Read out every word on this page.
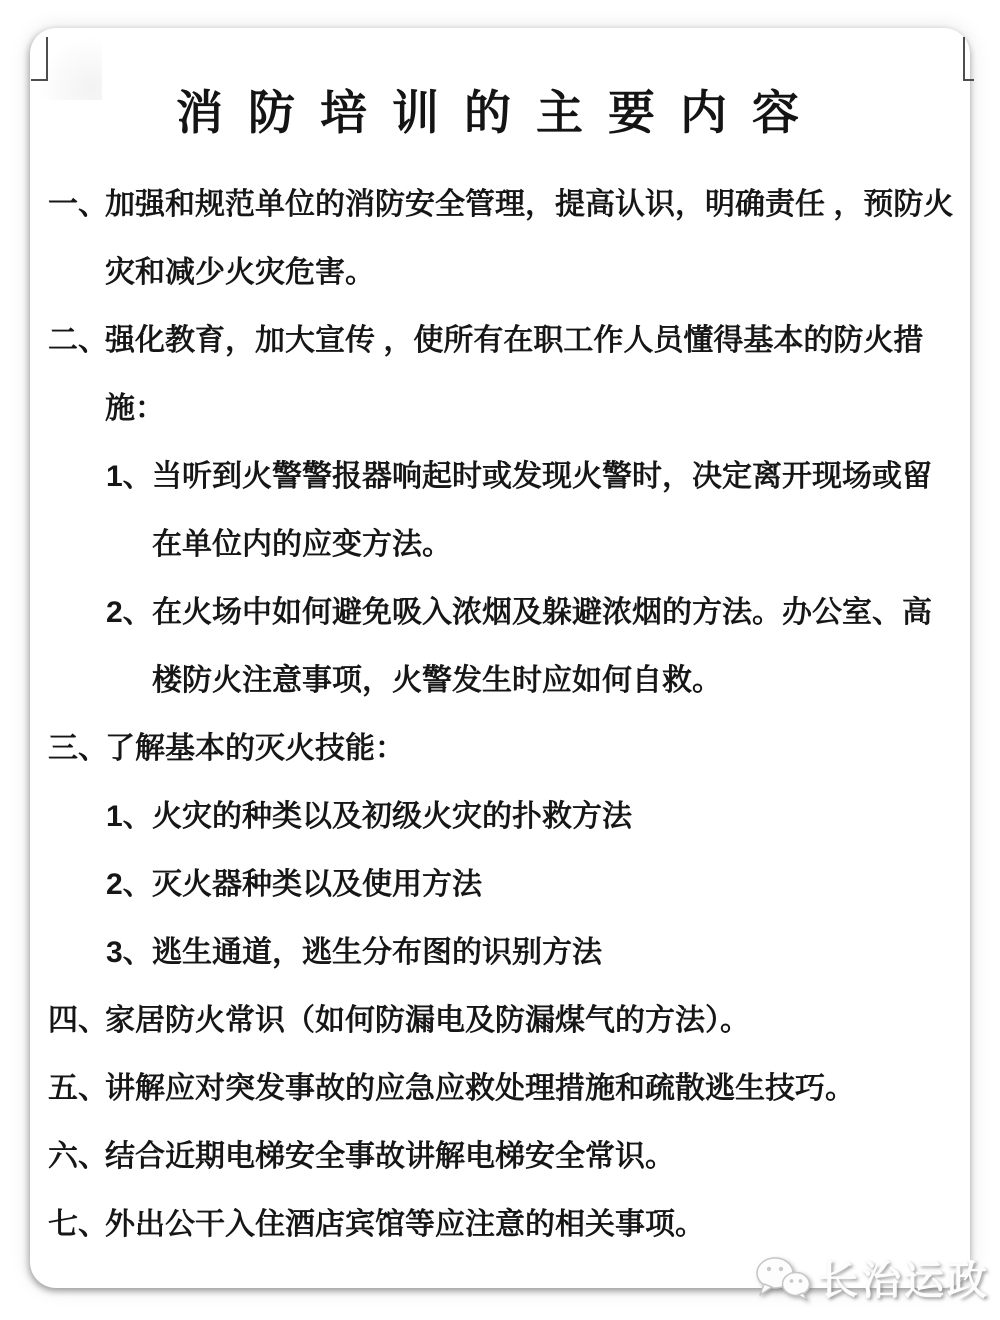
消防培训的主要内容
一、
加强和规范单位的消防安全管理，提高认识，明确责任 ，预防火
灾和减少火灾危害。
二、
强化教育，加大宣传 ，使所有在职工作人员懂得基本的防火措
施：
1、 当听到火警警报器响起时或发现火警时，决定离开现场或留
在单位内的应变方法。
2、 在火场中如何避免吸入浓烟及躲避浓烟的方法。办公室、高
楼防火注意事项，火警发生时应如何自救。
三、
了解基本的灭火技能：
1、 火灾的种类以及初级火灾的扑救方法
2、 灭火器种类以及使用方法
3、 逃生通道，逃生分布图的识别方法
四、
家居防火常识（如何防漏电及防漏煤气的方法）。
五、
讲解应对突发事故的应急应救处理措施和疏散逃生技巧。
六、
结合近期电梯安全事故讲解电梯安全常识。
七、
外出公干入住酒店宾馆等应注意的相关事项。
长治运政
